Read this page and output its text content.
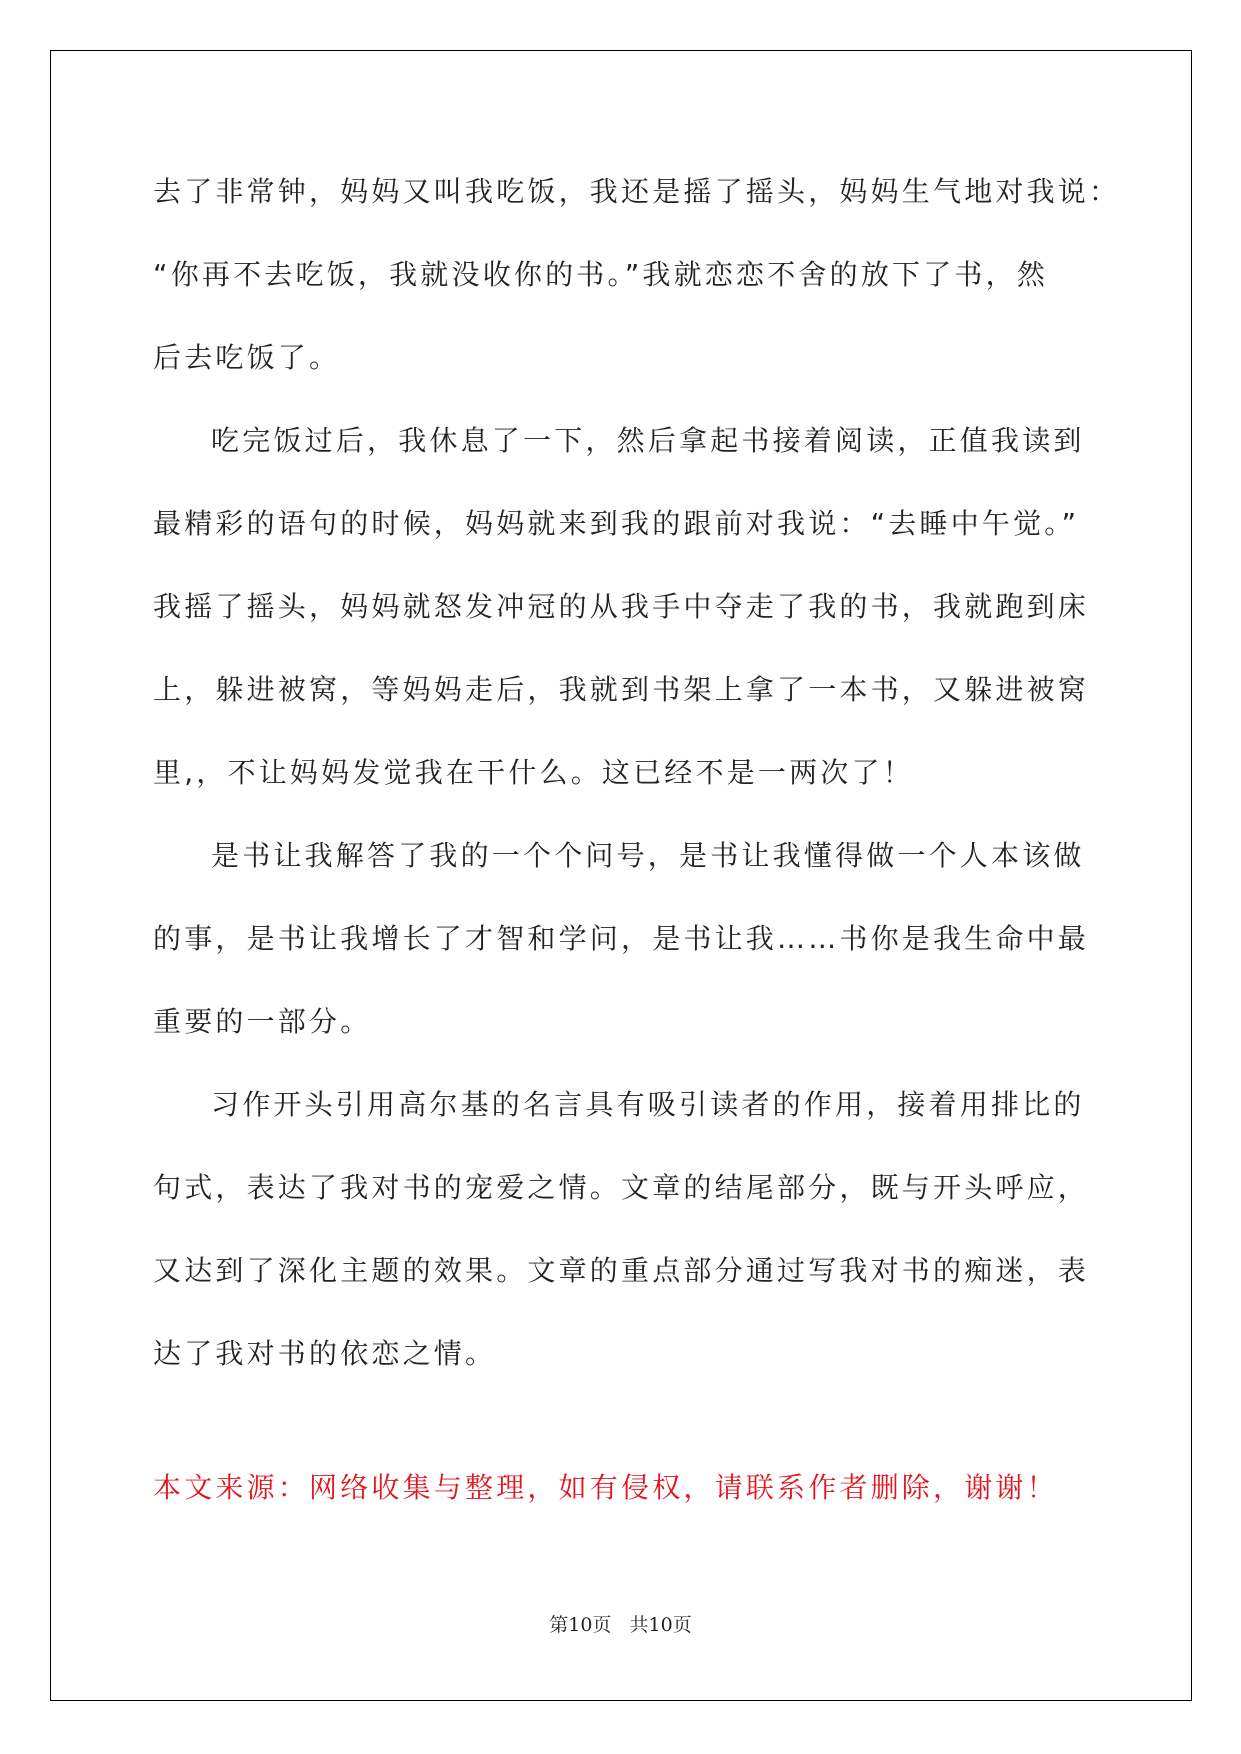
去了非常钟，妈妈又叫我吃饭，我还是摇了摇头，妈妈生气地对我说：

“你再不去吃饭，我就没收你的书。”我就恋恋不舍的放下了书，然

后去吃饭了。

吃完饭过后，我休息了一下，然后拿起书接着阅读，正值我读到

最精彩的语句的时候，妈妈就来到我的跟前对我说：“去睡中午觉。”

我摇了摇头，妈妈就怒发冲冠的从我手中夺走了我的书，我就跑到床

上，躲进被窝，等妈妈走后，我就到书架上拿了一本书，又躲进被窝

里,，不让妈妈发觉我在干什么。这已经不是一两次了！

是书让我解答了我的一个个问号，是书让我懂得做一个人本该做

的事，是书让我增长了才智和学问，是书让我……书你是我生命中最

重要的一部分。

习作开头引用高尔基的名言具有吸引读者的作用，接着用排比的

句式，表达了我对书的宠爱之情。文章的结尾部分，既与开头呼应，

又达到了深化主题的效果。文章的重点部分通过写我对书的痴迷，表

达了我对书的依恋之情。

本文来源：网络收集与整理，如有侵权，请联系作者删除，谢谢！

第10页   共10页
